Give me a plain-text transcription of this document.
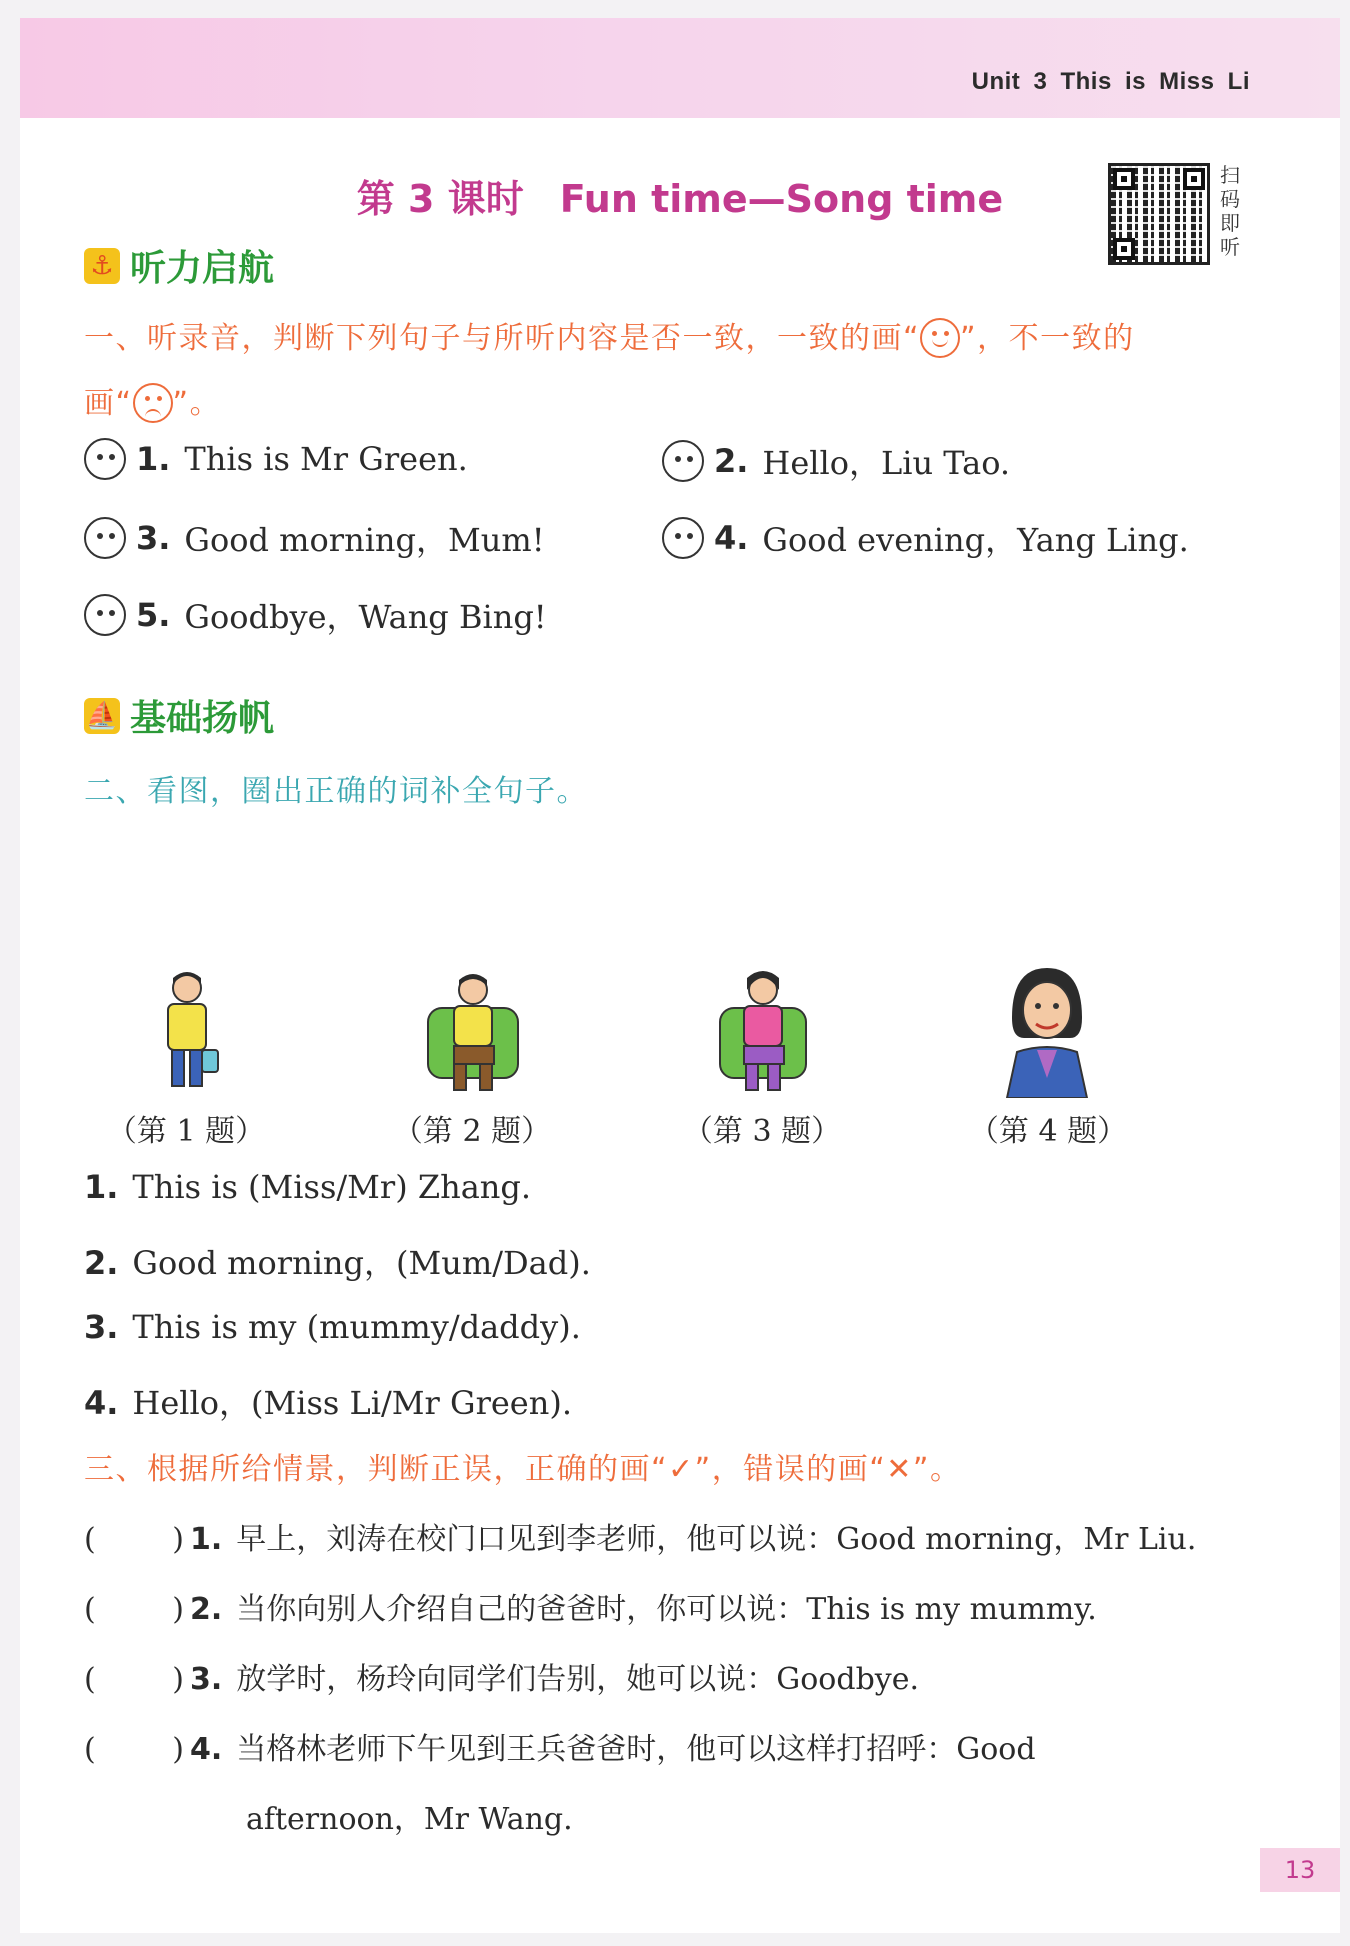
Unit 3 This is Miss Li
第 3 课时 Fun time—Song time
扫
码
即
听
⚓ 听力启航
一、听录音，判断下列句子与所听内容是否一致，一致的画“ ”，不一致的
画“ ”。
1. This is Mr Green.	2. Hello，Liu Tao.
3. Good morning，Mum!	4. Good evening，Yang Ling.
5. Goodbye，Wang Bing!
⛵ 基础扬帆
二、看图，圈出正确的词补全句子。
（第 1 题）	（第 2 题）	（第 3 题）	（第 4 题）
1. This is (Miss/Mr) Zhang.
2. Good morning，(Mum/Dad).
3. This is my (mummy/daddy).
4. Hello，(Miss Li/Mr Green).
三、根据所给情景，判断正误，正确的画“✓”，错误的画“✕”。
(	) 1. 早上，刘涛在校门口见到李老师，他可以说：Good morning，Mr Liu.
(	) 2. 当你向别人介绍自己的爸爸时，你可以说：This is my mummy.
(	) 3. 放学时，杨玲向同学们告别，她可以说：Goodbye.
(	) 4. 当格林老师下午见到王兵爸爸时，他可以这样打招呼：Good
afternoon，Mr Wang.
13
